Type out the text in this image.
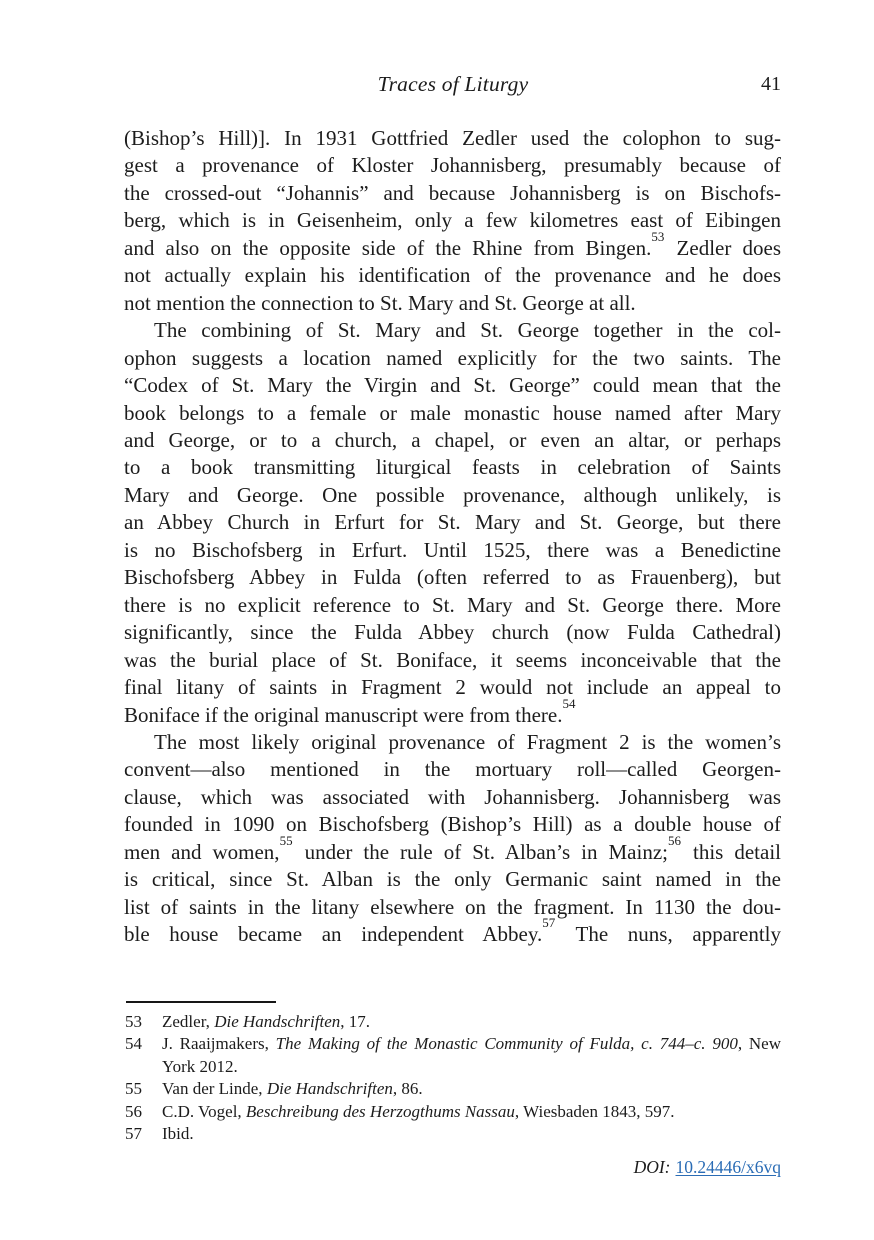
Traces of Liturgy	41
(Bishop’s Hill)]. In 1931 Gottfried Zedler used the colophon to sug-
gest a provenance of Kloster Johannisberg, presumably because of
the crossed-out “Johannis” and because Johannisberg is on Bischofs-
berg, which is in Geisenheim, only a few kilometres east of Eibingen
and also on the opposite side of the Rhine from Bingen.$^{53}$ Zedler does
not actually explain his identification of the provenance and he does
not mention the connection to St. Mary and St. George at all.
The combining of St. Mary and St. George together in the col-
ophon suggests a location named explicitly for the two saints. The
“Codex of St. Mary the Virgin and St. George” could mean that the
book belongs to a female or male monastic house named after Mary
and George, or to a church, a chapel, or even an altar, or perhaps
to a book transmitting liturgical feasts in celebration of Saints
Mary and George. One possible provenance, although unlikely, is
an Abbey Church in Erfurt for St. Mary and St. George, but there
is no Bischofsberg in Erfurt. Until 1525, there was a Benedictine
Bischofsberg Abbey in Fulda (often referred to as Frauenberg), but
there is no explicit reference to St. Mary and St. George there. More
significantly, since the Fulda Abbey church (now Fulda Cathedral)
was the burial place of St. Boniface, it seems inconceivable that the
final litany of saints in Fragment 2 would not include an appeal to
Boniface if the original manuscript were from there.$^{54}$
The most likely original provenance of Fragment 2 is the women’s
convent—also mentioned in the mortuary roll—called Georgen-
clause, which was associated with Johannisberg. Johannisberg was
founded in 1090 on Bischofsberg (Bishop’s Hill) as a double house of
men and women,$^{55}$ under the rule of St. Alban’s in Mainz;$^{56}$ this detail
is critical, since St. Alban is the only Germanic saint named in the
list of saints in the litany elsewhere on the fragment. In 1130 the dou-
ble house became an independent Abbey.$^{57}$ The nuns, apparently
53	Zedler, Die Handschriften, 17.
54	J. Raaijmakers, The Making of the Monastic Community of Fulda, c. 744–c. 900, New York 2012.
55	Van der Linde, Die Handschriften, 86.
56	C.D. Vogel, Beschreibung des Herzogthums Nassau, Wiesbaden 1843, 597.
57	Ibid.
DOI: 10.24446/x6vq
